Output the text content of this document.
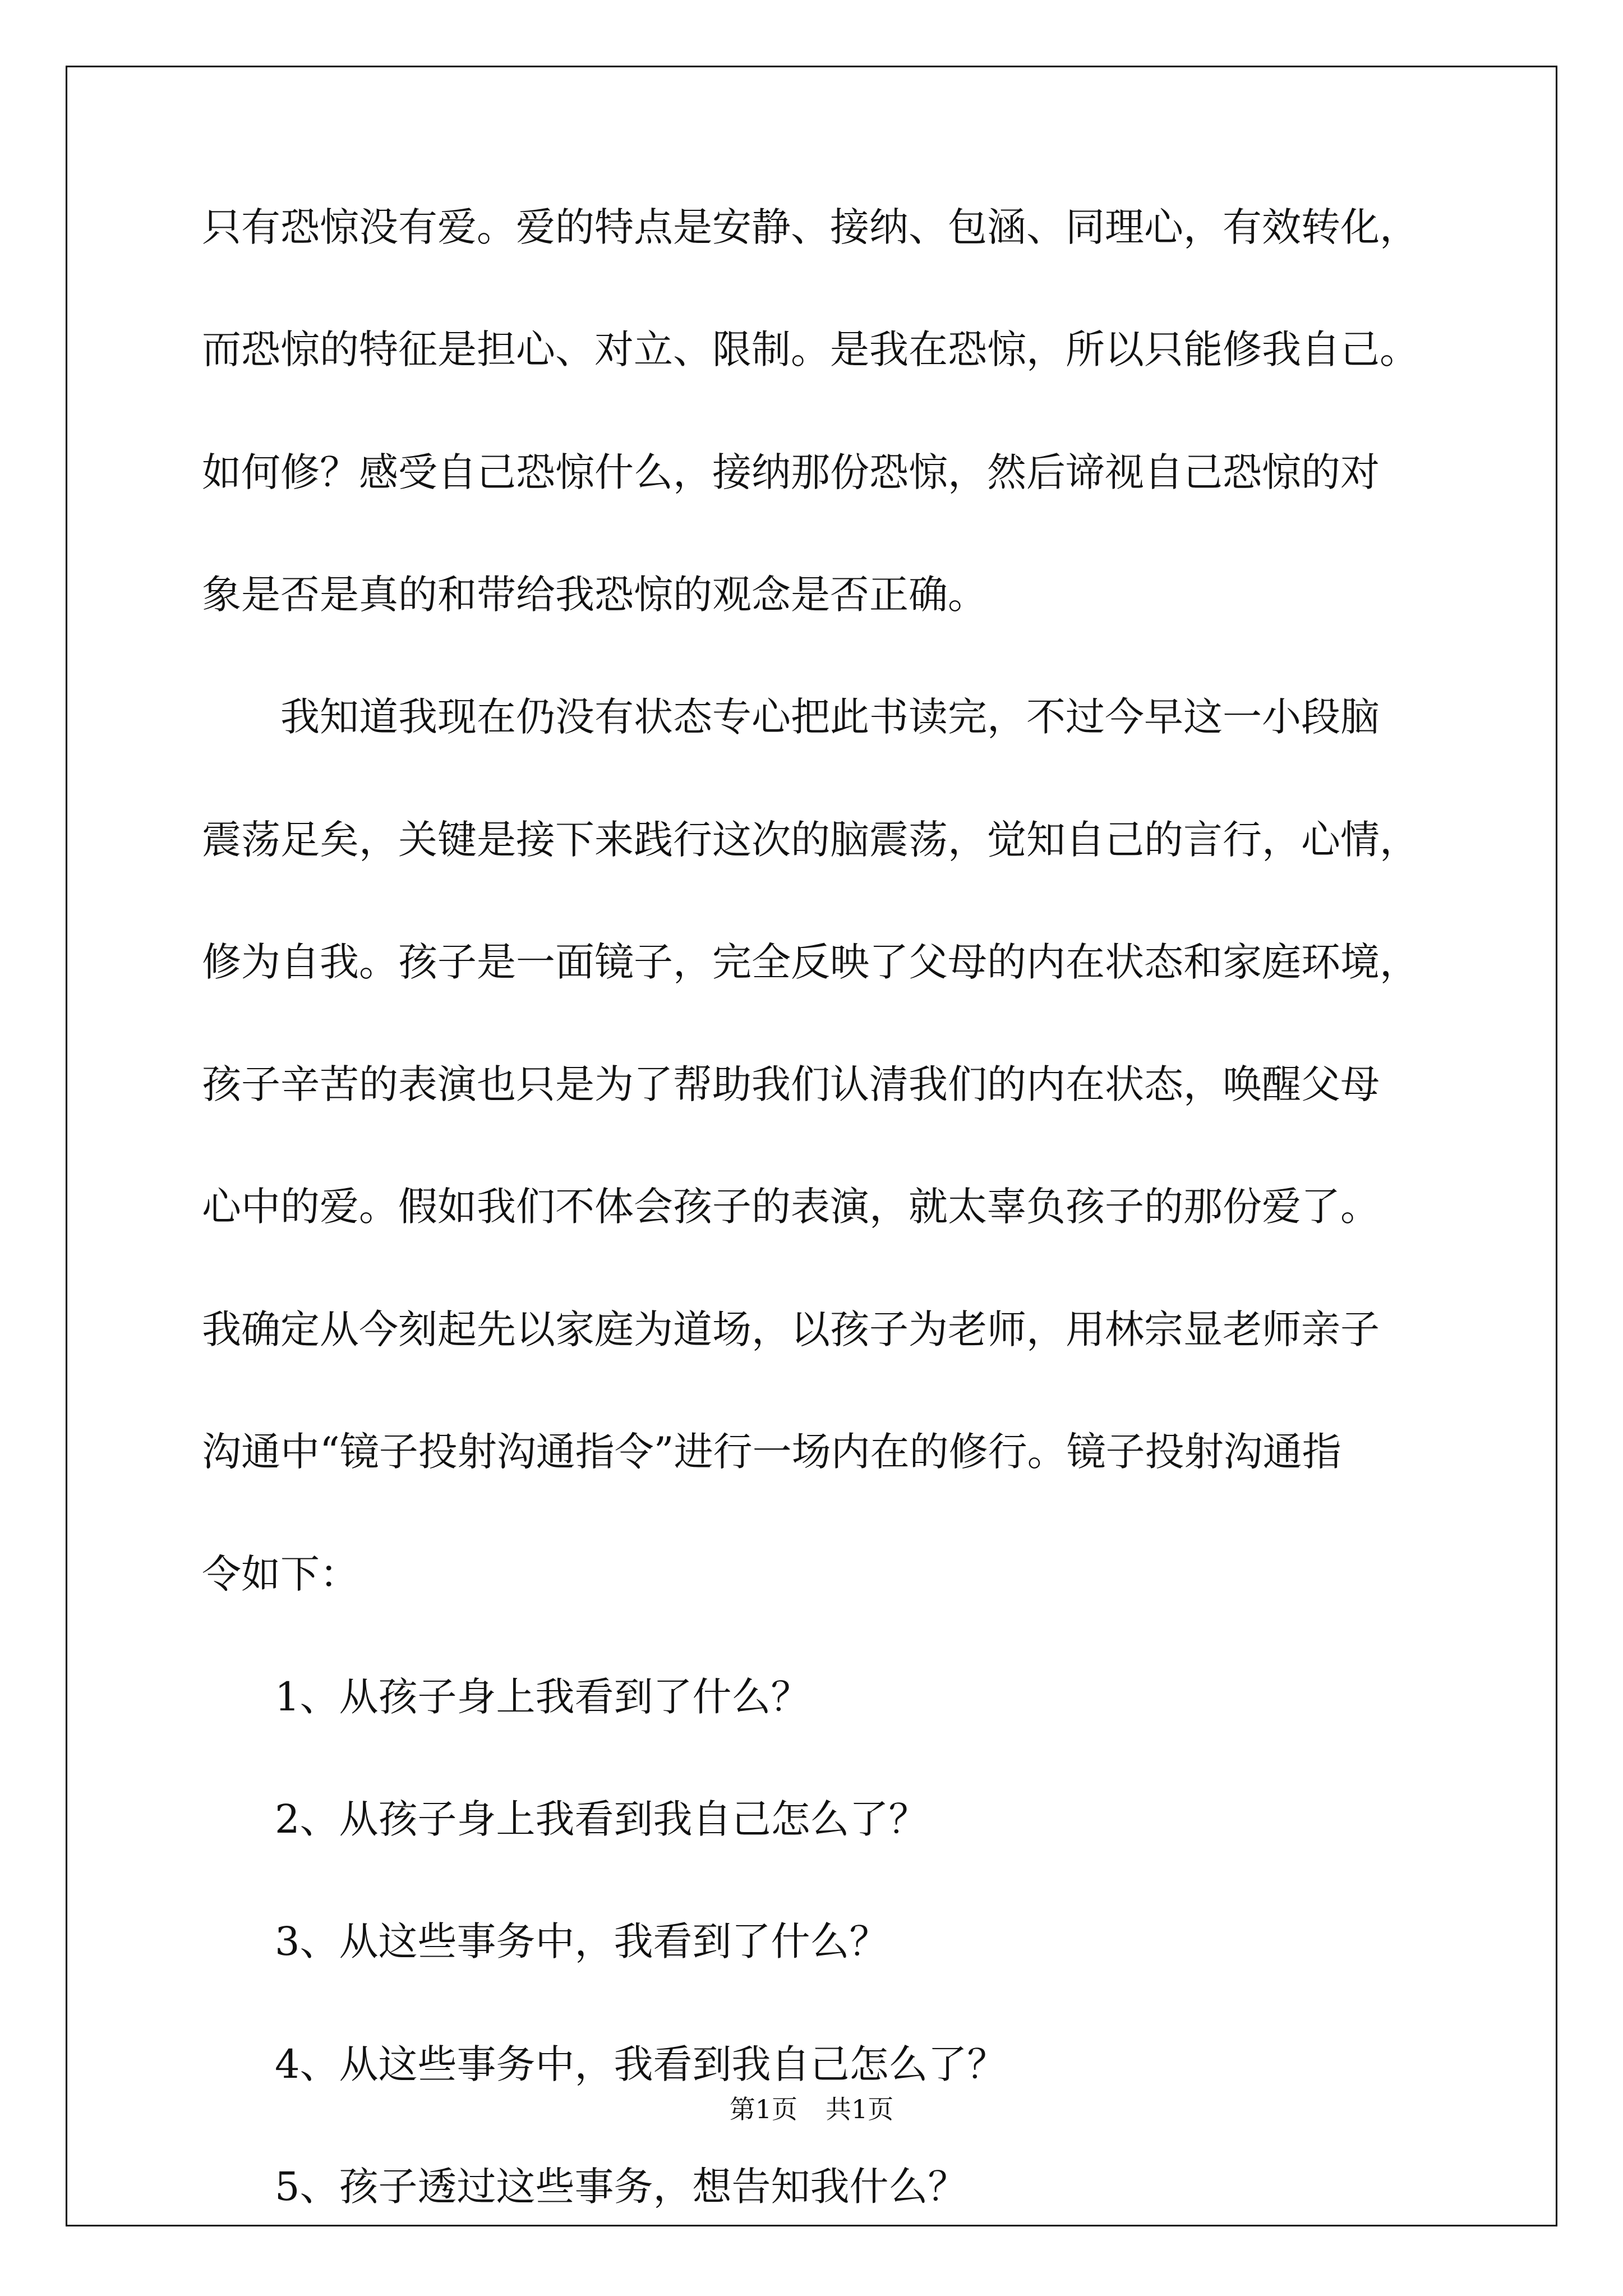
只有恐惊没有爱。爱的特点是安静、接纳、包涵、同理心，有效转化，
而恐惊的特征是担心、对立、限制。是我在恐惊，所以只能修我自己。
如何修？感受自己恐惊什么，接纳那份恐惊，然后谛视自己恐惊的对
象是否是真的和带给我恐惊的观念是否正确。
我知道我现在仍没有状态专心把此书读完，不过今早这一小段脑
震荡足矣，关键是接下来践行这次的脑震荡，觉知自己的言行，心情，
修为自我。孩子是一面镜子，完全反映了父母的内在状态和家庭环境，
孩子辛苦的表演也只是为了帮助我们认清我们的内在状态，唤醒父母
心中的爱。假如我们不体会孩子的表演，就太辜负孩子的那份爱了。
我确定从今刻起先以家庭为道场，以孩子为老师，用林宗显老师亲子
沟通中“镜子投射沟通指令”进行一场内在的修行。镜子投射沟通指
令如下：
1、从孩子身上我看到了什么？
2、从孩子身上我看到我自己怎么了？
3、从这些事务中，我看到了什么？
4、从这些事务中，我看到我自己怎么了？
5、孩子透过这些事务，想告知我什么？
第1页 共1页
